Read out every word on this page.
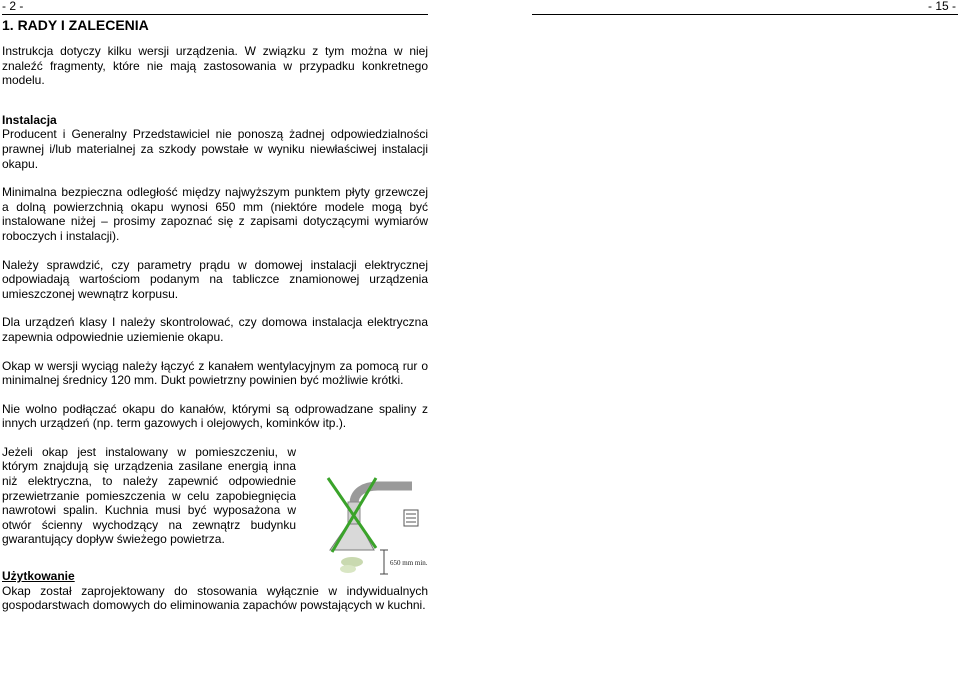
- 2 -
1. RADY I ZALECENIA

Instrukcja dotyczy kilku wersji urządzenia. W związku z tym można w niej znaleźć fragmenty, które nie mają zastosowania w przypadku konkretnego modelu.

Instalacja

Producent i Generalny Przedstawiciel nie ponoszą żadnej odpowiedzialności prawnej i/lub materialnej za szkody powstałe w wyniku niewłaściwej instalacji okapu.

Minimalna bezpieczna odległość między najwyższym punktem płyty grzewczej a dolną powierzchnią okapu wynosi 650 mm (niektóre modele mogą być instalowane niżej – prosimy zapoznać się z zapisami dotyczącymi wymiarów roboczych i instalacji).

Należy sprawdzić, czy parametry prądu w domowej instalacji elektrycznej odpowiadają wartościom podanym na tabliczce znamionowej urządzenia umieszczonej wewnątrz korpusu.

Dla urządzeń klasy I należy skontrolować, czy domowa instalacja elektryczna zapewnia odpowiednie uziemienie okapu.

Okap w wersji wyciąg należy łączyć z kanałem wentylacyjnym za pomocą rur o minimalnej średnicy 120 mm. Dukt powietrzny powinien być możliwie krótki.

Nie wolno podłączać okapu do kanałów, którymi są odprowadzane spaliny z innych urządzeń (np. term gazowych i olejowych, kominków itp.).

Jeżeli okap jest instalowany w pomieszczeniu, w którym znajdują się urządzenia zasilane energią inna niż elektryczna, to należy zapewnić odpowiednie przewietrzanie pomieszczenia w celu zapobiegnięcia nawrotowi spalin. Kuchnia musi być wyposażona w otwór ścienny wychodzący na zewnątrz budynku gwarantujący dopływ świeżego powietrza.

Użytkowanie

Okap został zaprojektowany do stosowania wyłącznie w indywidualnych gospodarstwach domowych do eliminowania zapachów powstających w kuchni.

650 mm min.
- 15 -
